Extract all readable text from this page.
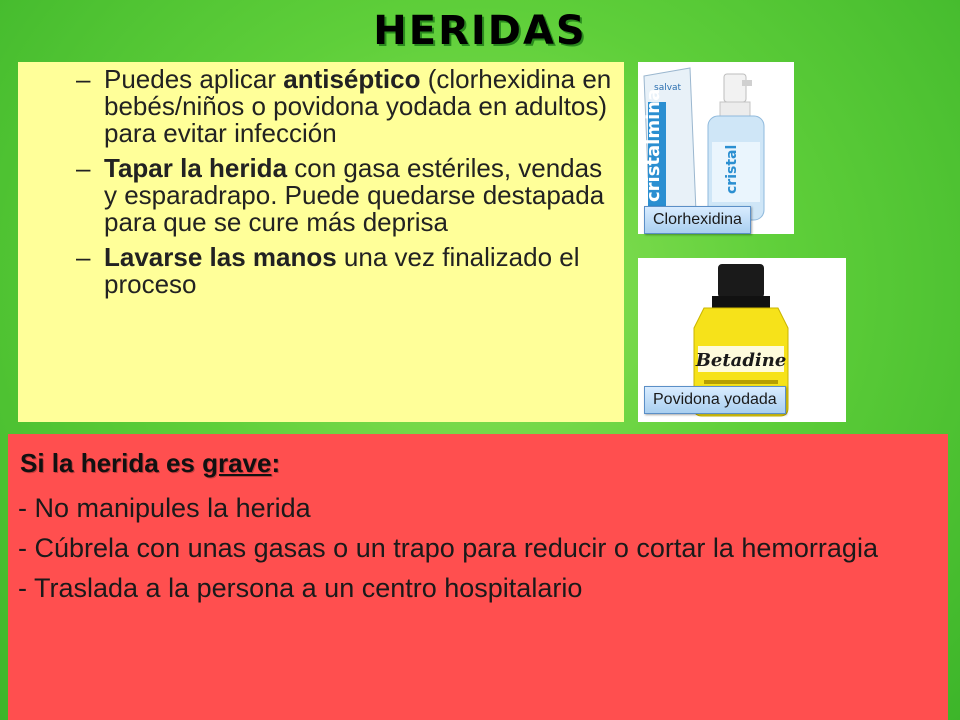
HERIDAS
– Puedes aplicar antiséptico (clorhexidina en bebés/niños o povidona yodada en adultos) para evitar infección
– Tapar la herida con gasa estériles, vendas y esparadrapo. Puede quedarse destapada para que se cure más deprisa
– Lavarse las manos una vez finalizado el proceso
cristalmina
salvat
cristal
Clorhexidina
Betadine
Povidona yodada
Si la herida es grave:
- No manipules la herida
- Cúbrela con unas gasas o un trapo para reducir o cortar la hemorragia
- Traslada a la persona a un centro hospitalario
